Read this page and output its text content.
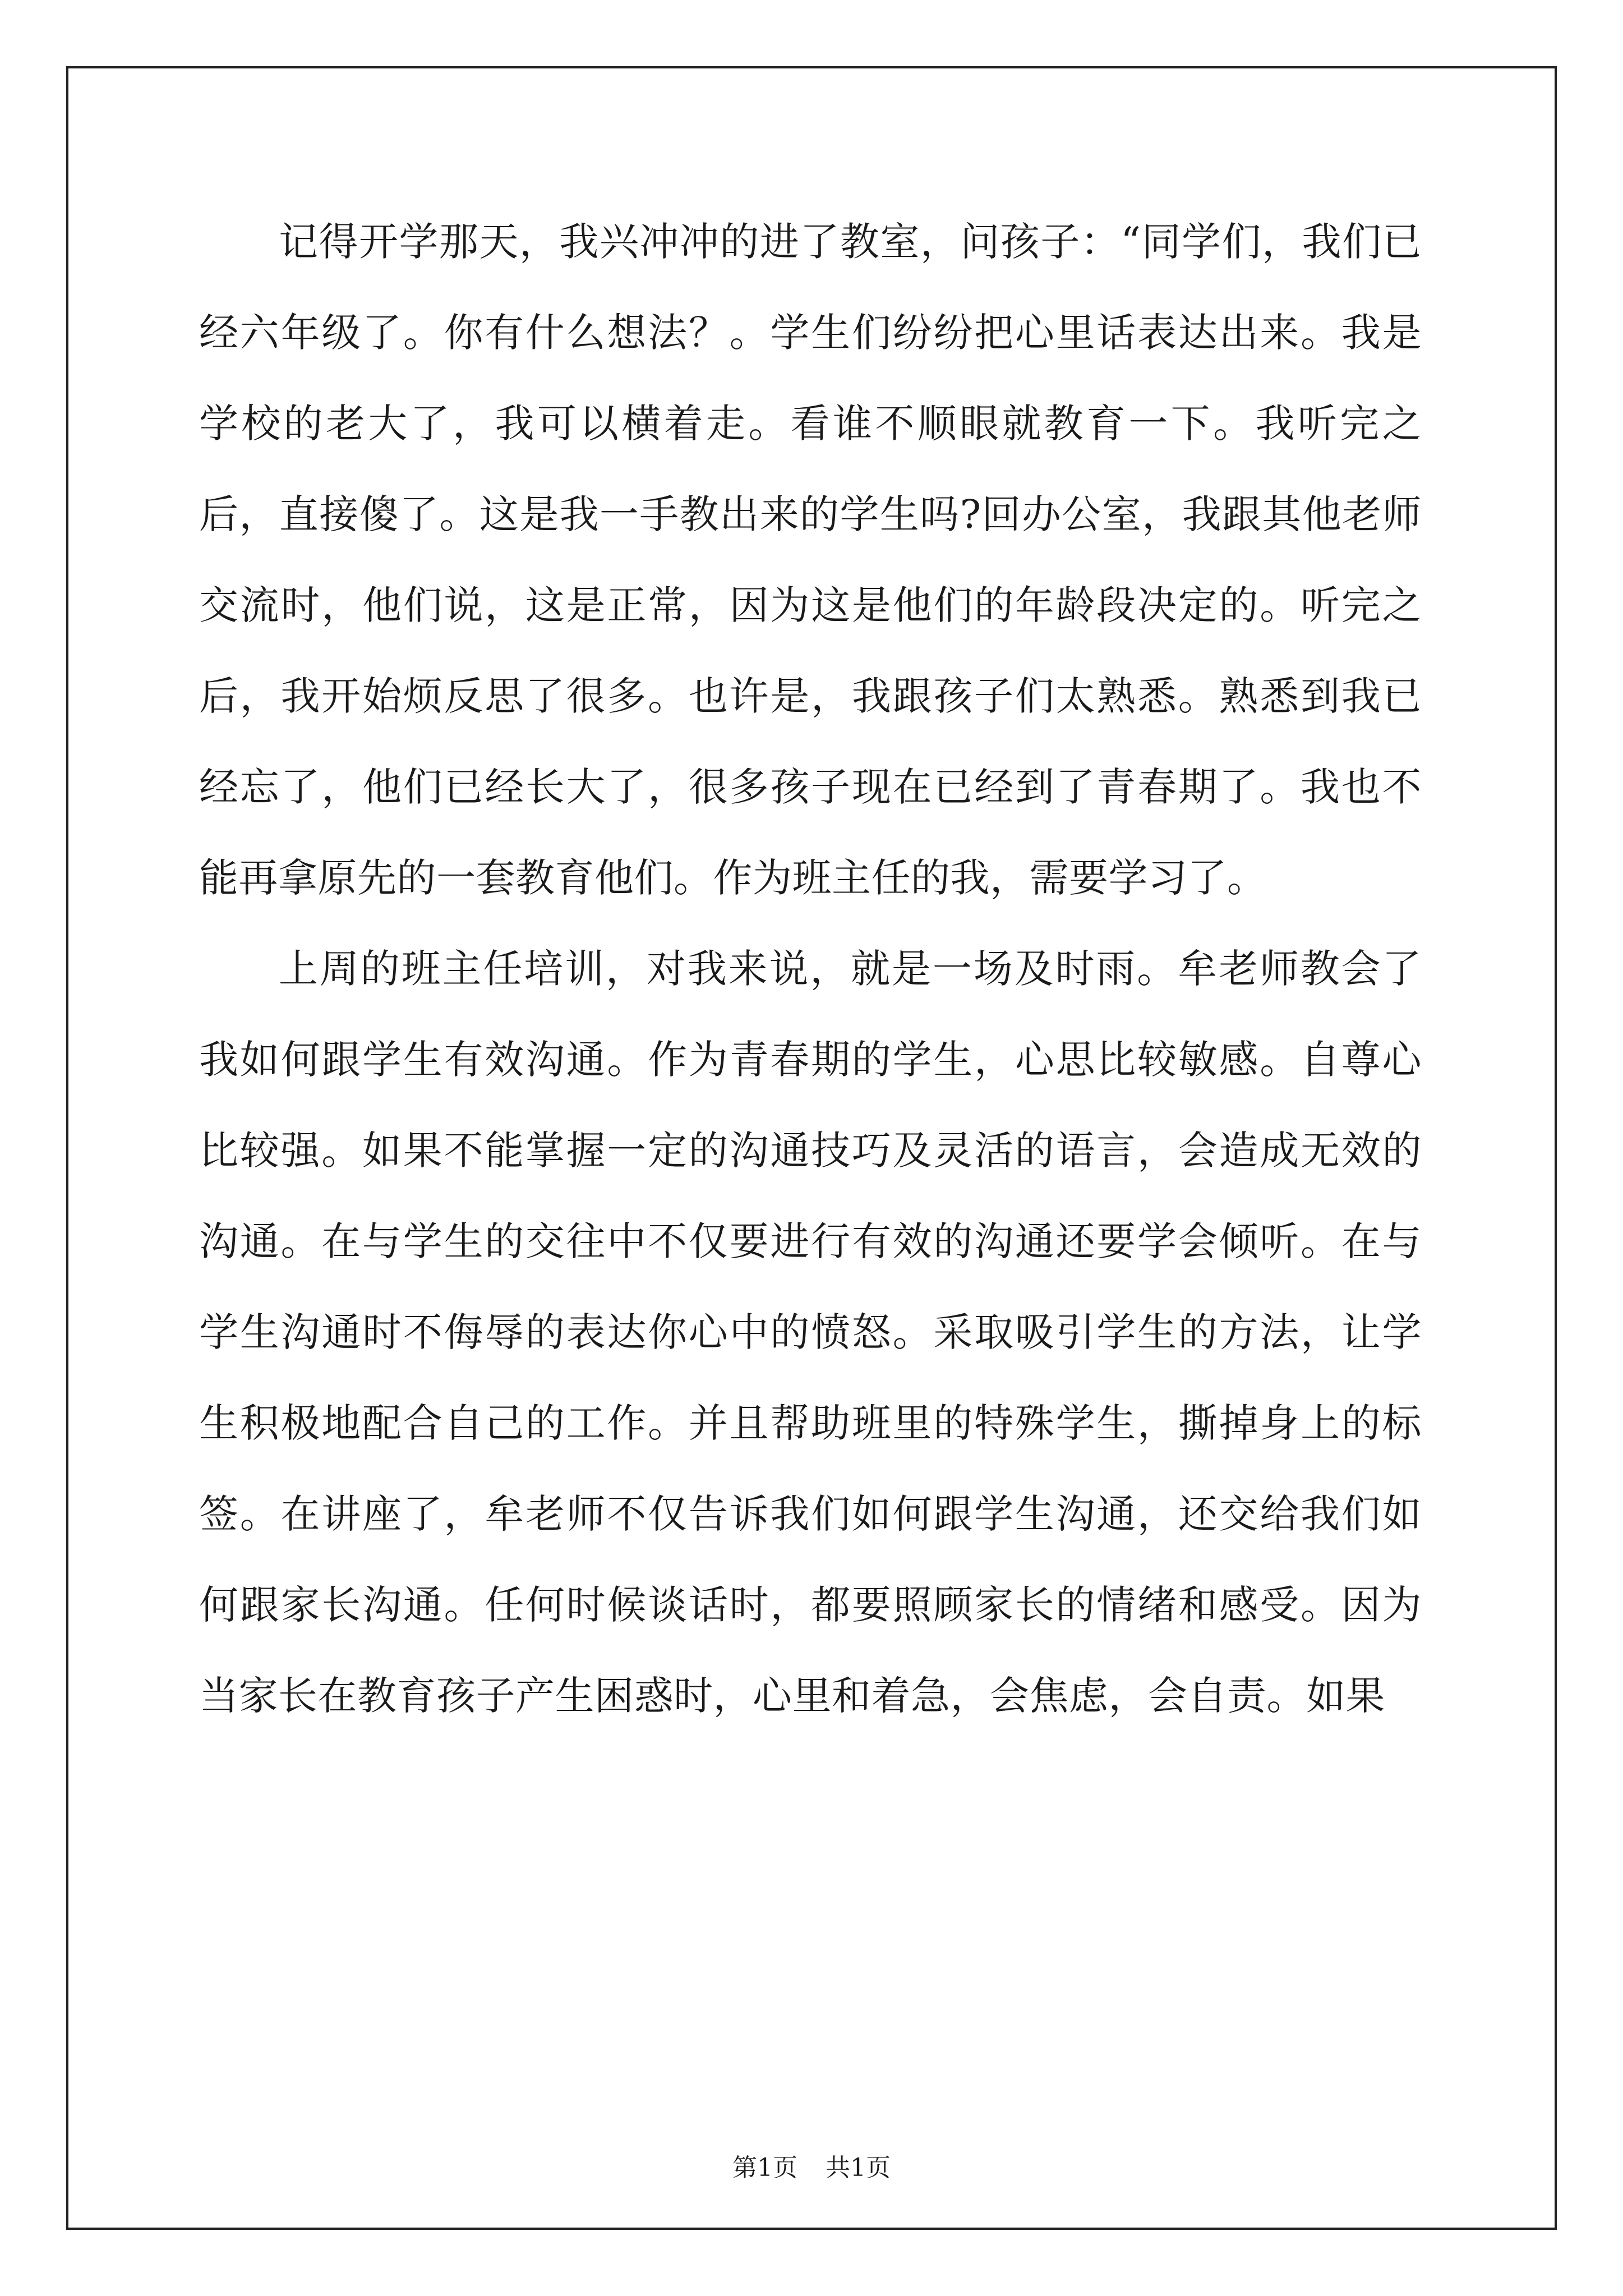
记得开学那天，我兴冲冲的进了教室，问孩子：“同学们，我们已经六年级了。你有什么想法？。学生们纷纷把心里话表达出来。我是学校的老大了，我可以横着走。看谁不顺眼就教育一下。我听完之后，直接傻了。这是我一手教出来的学生吗?回办公室，我跟其他老师交流时，他们说，这是正常，因为这是他们的年龄段决定的。听完之后，我开始烦反思了很多。也许是，我跟孩子们太熟悉。熟悉到我已经忘了，他们已经长大了，很多孩子现在已经到了青春期了。我也不能再拿原先的一套教育他们。作为班主任的我，需要学习了。

上周的班主任培训，对我来说，就是一场及时雨。牟老师教会了我如何跟学生有效沟通。作为青春期的学生，心思比较敏感。自尊心比较强。如果不能掌握一定的沟通技巧及灵活的语言，会造成无效的沟通。在与学生的交往中不仅要进行有效的沟通还要学会倾听。在与学生沟通时不侮辱的表达你心中的愤怒。采取吸引学生的方法，让学生积极地配合自己的工作。并且帮助班里的特殊学生，撕掉身上的标签。在讲座了，牟老师不仅告诉我们如何跟学生沟通，还交给我们如何跟家长沟通。任何时候谈话时，都要照顾家长的情绪和感受。因为当家长在教育孩子产生困惑时，心里和着急，会焦虑，会自责。如果

第1页 共1页
